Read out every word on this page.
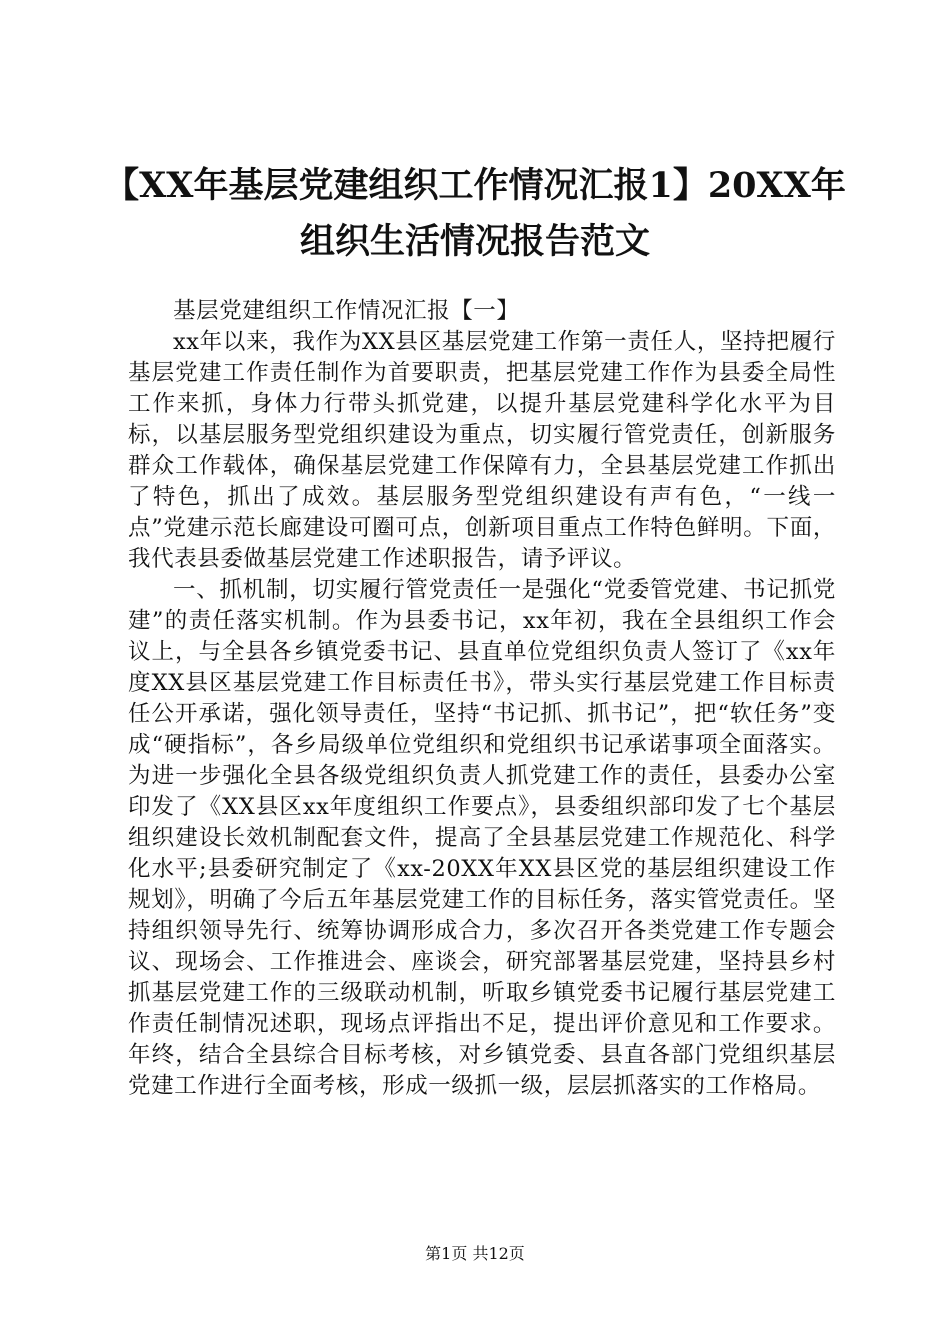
【XX年基层党建组织工作情况汇报1】20XX年组织生活情况报告范文

基层党建组织工作情况汇报【一】

xx年以来，我作为XX县区基层党建工作第一责任人，坚持把履行基层党建工作责任制作为首要职责，把基层党建工作作为县委全局性工作来抓，身体力行带头抓党建，以提升基层党建科学化水平为目标，以基层服务型党组织建设为重点，切实履行管党责任，创新服务群众工作载体，确保基层党建工作保障有力，全县基层党建工作抓出了特色，抓出了成效。基层服务型党组织建设有声有色，“一线一点”党建示范长廊建设可圈可点，创新项目重点工作特色鲜明。下面，我代表县委做基层党建工作述职报告，请予评议。

一、抓机制，切实履行管党责任一是强化“党委管党建、书记抓党建”的责任落实机制。作为县委书记，xx年初，我在全县组织工作会议上，与全县各乡镇党委书记、县直单位党组织负责人签订了《xx年度XX县区基层党建工作目标责任书》，带头实行基层党建工作目标责任公开承诺，强化领导责任，坚持“书记抓、抓书记”，把“软任务”变成“硬指标”，各乡局级单位党组织和党组织书记承诺事项全面落实。为进一步强化全县各级党组织负责人抓党建工作的责任，县委办公室印发了《XX县区xx年度组织工作要点》，县委组织部印发了七个基层组织建设长效机制配套文件，提高了全县基层党建工作规范化、科学化水平;县委研究制定了《xx-20XX年XX县区党的基层组织建设工作规划》，明确了今后五年基层党建工作的目标任务，落实管党责任。坚持组织领导先行、统筹协调形成合力，多次召开各类党建工作专题会议、现场会、工作推进会、座谈会，研究部署基层党建，坚持县乡村抓基层党建工作的三级联动机制，听取乡镇党委书记履行基层党建工作责任制情况述职，现场点评指出不足，提出评价意见和工作要求。年终，结合全县综合目标考核，对乡镇党委、县直各部门党组织基层党建工作进行全面考核，形成一级抓一级，层层抓落实的工作格局。

第1页 共12页
